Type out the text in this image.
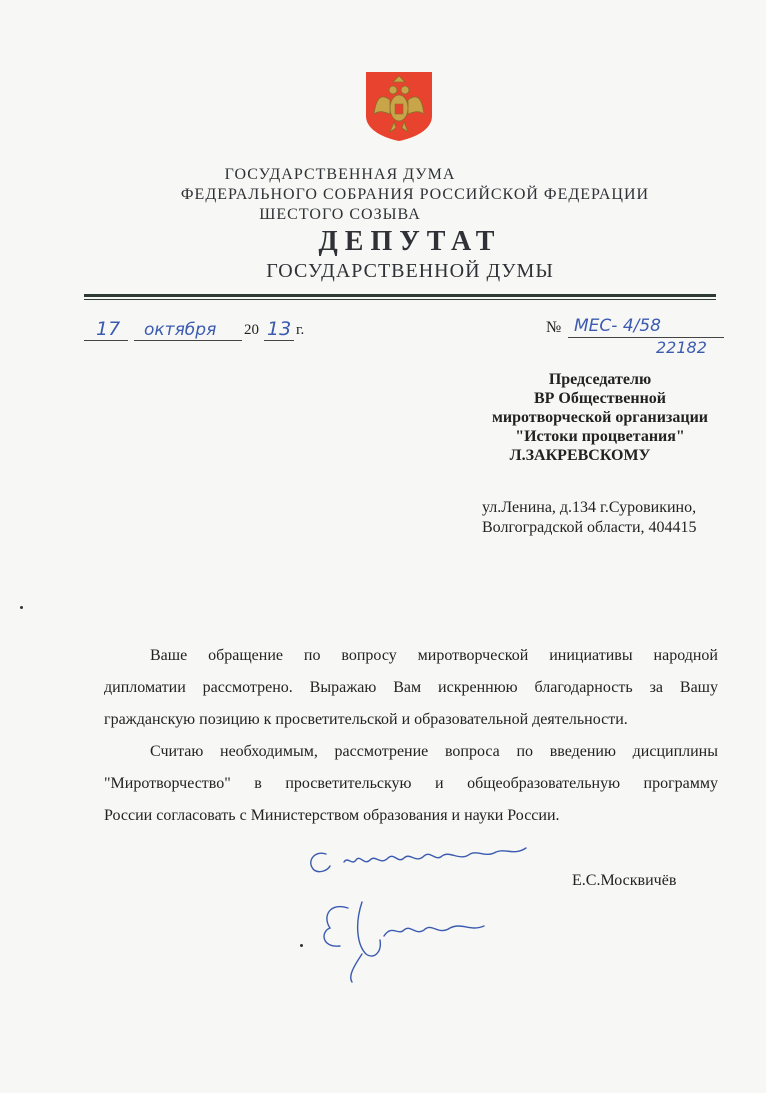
ГОСУДАРСТВЕННАЯ ДУМА
ФЕДЕРАЛЬНОГО СОБРАНИЯ РОССИЙСКОЙ ФЕДЕРАЦИИ
ШЕСТОГО СОЗЫВА
ДЕПУТАТ
ГОСУДАРСТВЕННОЙ ДУМЫ
17 октября 20 13 г.	№ МЕС- 4/58
22182
Председателю
ВР Общественной
миротворческой организации
"Истоки процветания"
Л.ЗАКРЕВСКОМУ
ул.Ленина, д.134 г.Суровикино,
Волгоградской области, 404415
Ваше обращение по вопросу миротворческой инициативы народной
дипломатии рассмотрено. Выражаю Вам искреннюю благодарность за Вашу
гражданскую позицию к просветительской и образовательной деятельности.
Считаю необходимым, рассмотрение вопроса по введению дисциплины
"Миротворчество" в просветительскую и общеобразовательную программу
России согласовать с Министерством образования и науки России.
Е.С.Москвичёв
